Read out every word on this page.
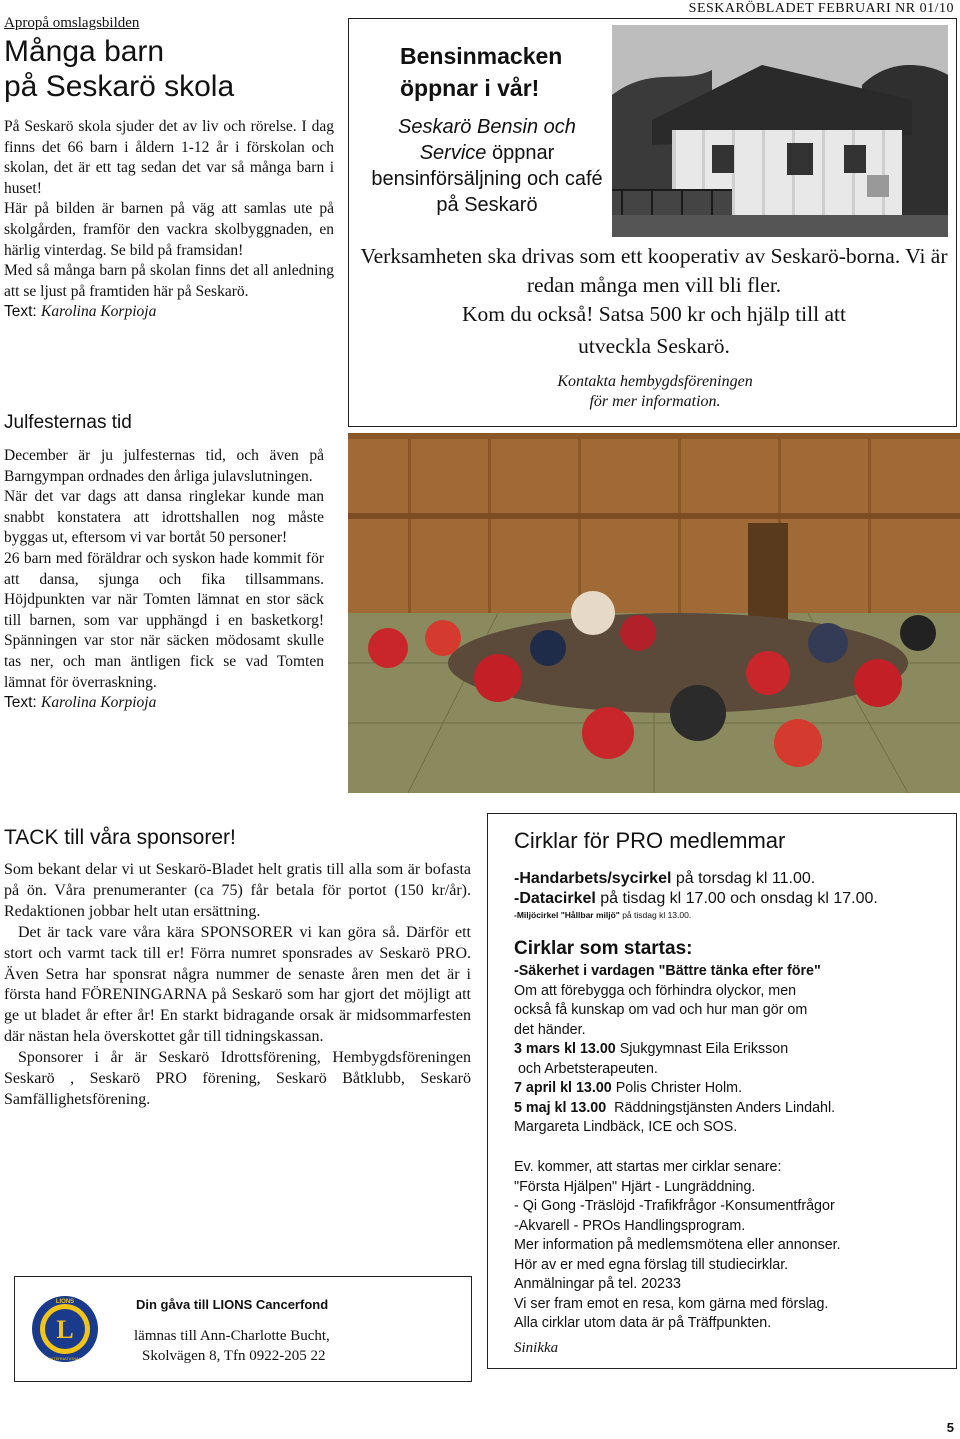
SESKARÖBLADET FEBRUARI NR 01/10
Apropå omslagsbilden
Många barn
på Seskarö skola

På Seskarö skola sjuder det av liv och rörelse. I dag finns det 66 barn i åldern 1-12 år i förskolan och skolan, det är ett tag sedan det var så många barn i huset!

Här på bilden är barnen på väg att samlas ute på skolgården, framför den vackra skolbyggnaden, en härlig vinterdag. Se bild på framsidan!

Med så många barn på skolan finns det all anledning att se ljust på framtiden här på Seskarö.

Text: Karolina Korpioja

Julfesternas tid

December är ju julfesternas tid, och även på Barngympan ordnades den årliga julavslutningen.

När det var dags att dansa ringlekar kunde man snabbt konstatera att idrottshallen nog måste byggas ut, eftersom vi var bortåt 50 personer!

26 barn med föräldrar och syskon hade kommit för att dansa, sjunga och fika tillsammans. Höjdpunkten var när Tomten lämnat en stor säck till barnen, som var upphängd i en basketkorg! Spänningen var stor när säcken mödosamt skulle tas ner, och man äntligen fick se vad Tomten lämnat för överraskning.

Text: Karolina Korpioja

Bensinmacken
öppnar i vår!
Seskarö Bensin och Service öppnar bensinförsäljning och café på Seskarö
Verksamheten ska drivas som ett kooperativ av Seskarö-borna. Vi är redan många men vill bli fler.
Kom du också! Satsa 500 kr och hjälp till att
utveckla Seskarö.
Kontakta hembygdsföreningen
för mer information.
TACK till våra sponsorer!

Som bekant delar vi ut Seskarö-Bladet helt gratis till alla som är bofasta på ön. Våra prenumeranter (ca 75) får betala för portot (150 kr/år). Redaktionen jobbar helt utan ersättning.

Det är tack vare våra kära SPONSORER vi kan göra så. Därför ett stort och varmt tack till er! Förra numret sponsrades av Seskarö PRO. Även Setra har sponsrat några nummer de senaste åren men det är i första hand FÖRENINGARNA på Seskarö som har gjort det möjligt att ge ut bladet år efter år! En starkt bidragande orsak är midsommarfesten där nästan hela överskottet går till tidningskassan.

Sponsorer i år är Seskarö Idrottsförening, Hembygdsföreningen Seskarö , Seskarö PRO förening, Seskarö Båtklubb, Seskarö Samfällighetsförening.

L
LIONS
INTERNATIONAL
Din gåva till LIONS Cancerfond
lämnas till Ann-Charlotte Bucht,
Skolvägen 8, Tfn 0922-205 22
Cirklar för PRO medlemmar
-Handarbets/sycirkel på torsdag kl 11.00.
-Datacirkel på tisdag kl 17.00 och onsdag kl 17.00.
-Miljöcirkel "Hållbar miljö" på tisdag kl 13.00.
Cirklar som startas:
-Säkerhet i vardagen "Bättre tänka efter före"
Om att förebygga och förhindra olyckor, men
också få kunskap om vad och hur man gör om
det händer.
3 mars kl 13.00 Sjukgymnast Eila Eriksson
och Arbetsterapeuten.
7 april kl 13.00 Polis Christer Holm.
5 maj kl 13.00  Räddningstjänsten Anders Lindahl.
Margareta Lindbäck, ICE och SOS.
Ev. kommer, att startas mer cirklar senare:
"Första Hjälpen" Hjärt - Lungräddning.
- Qi Gong -Träslöjd -Trafikfrågor -Konsumentfrågor
-Akvarell - PROs Handlingsprogram.
Mer information på medlemsmötena eller annonser.
Hör av er med egna förslag till studiecirklar.
Anmälningar på tel. 20233
Vi ser fram emot en resa, kom gärna med förslag.
Alla cirklar utom data är på Träffpunkten.
Sinikka
5
